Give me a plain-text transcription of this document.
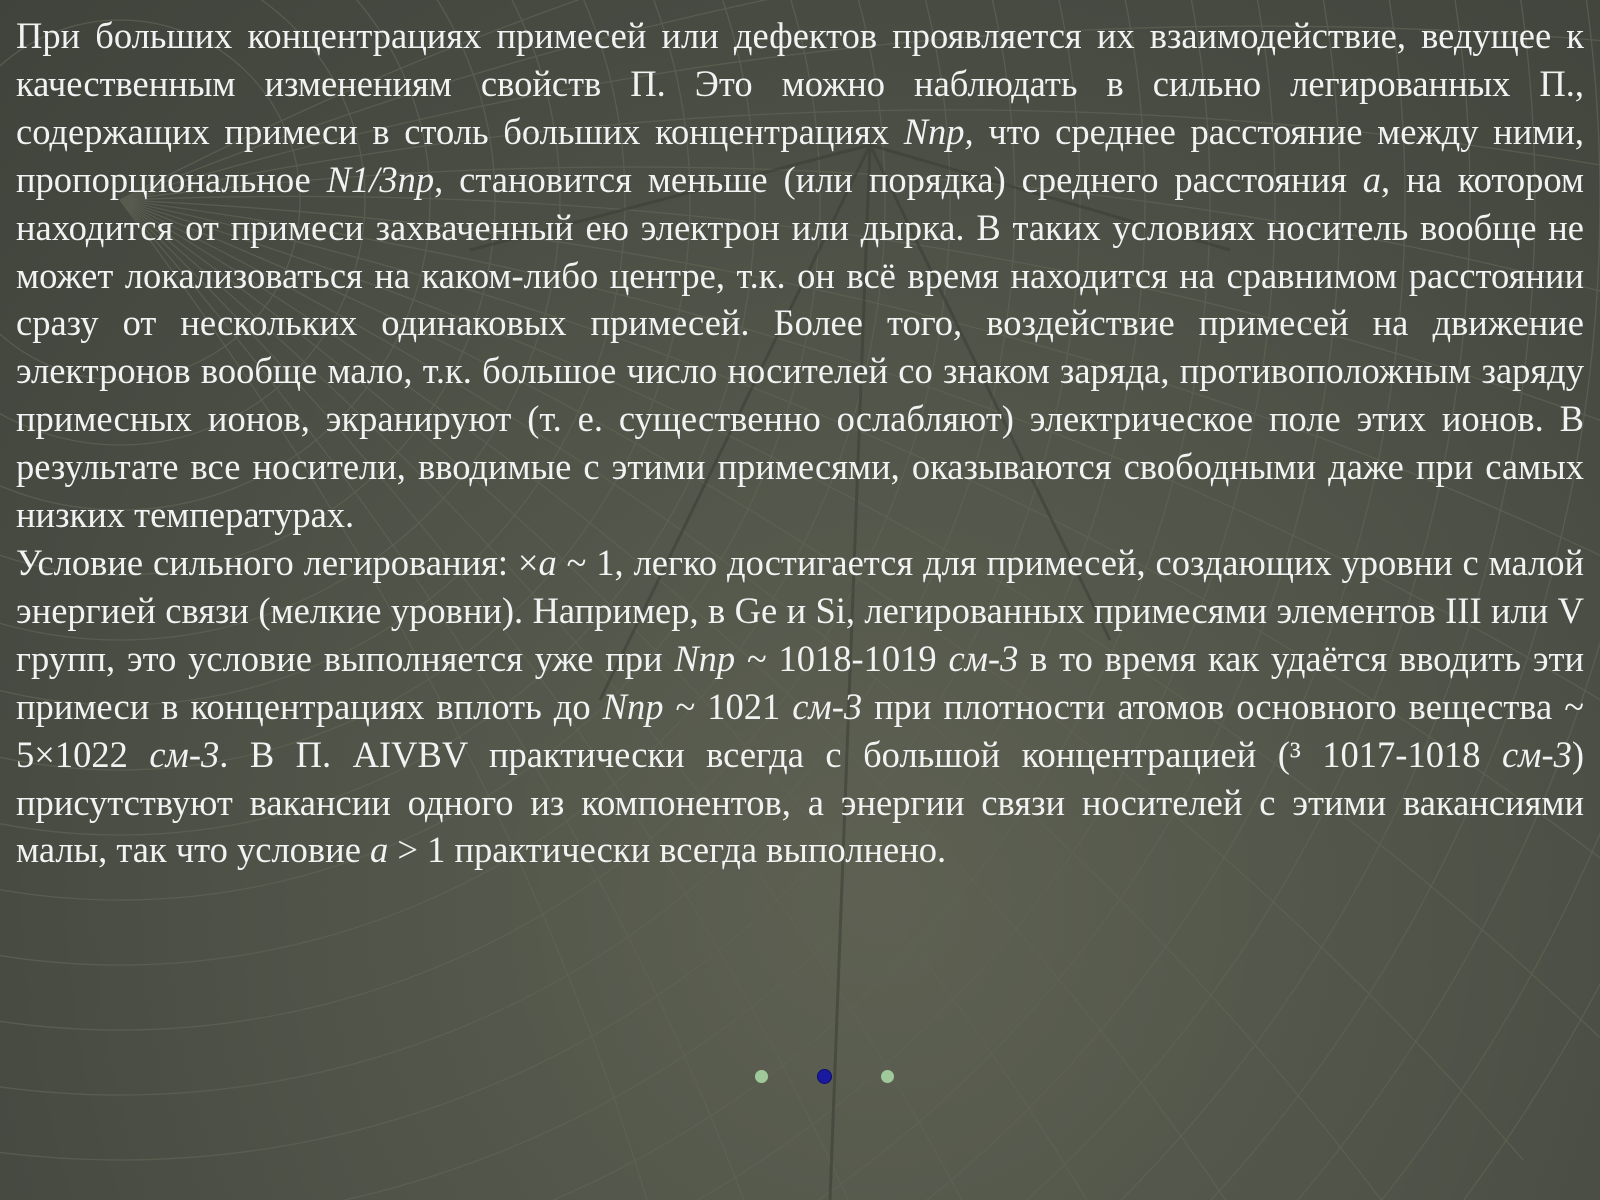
При больших концентрациях примесей или дефектов проявляется их взаимодействие, ведущее к качественным изменениям свойств П. Это можно наблюдать в сильно легированных П., содержащих примеси в столь больших концентрациях Nпр, что среднее расстояние между ними, пропорциональное N1/3пр, становится меньше (или порядка) среднего расстояния а, на котором находится от примеси захваченный ею электрон или дырка. В таких условиях носитель вообще не может локализоваться на каком-либо центре, т.к. он всё время находится на сравнимом расстоянии сразу от нескольких одинаковых примесей. Более того, воздействие примесей на движение электронов вообще мало, т.к. большое число носителей со знаком заряда, противоположным заряду примесных ионов, экранируют (т. е. существенно ослабляют) электрическое поле этих ионов. В результате все носители, вводимые с этими примесями, оказываются свободными даже при самых низких температурах.

Условие сильного легирования: ×а ~ 1, легко достигается для примесей, создающих уровни с малой энергией связи (мелкие уровни). Например, в Ge и Si, легированных примесями элементов III или V групп, это условие выполняется уже при Nпр ~ 1018-1019 см-3 в то время как удаётся вводить эти примеси в концентрациях вплоть до Nпр ~ 1021 см-3 при плотности атомов основного вещества ~ 5×1022 см-3. В П. AIVBV практически всегда с большой концентрацией (³ 1017-1018 см-3) присутствуют вакансии одного из компонентов, а энергии связи носителей с этими вакансиями малы, так что условие а > 1 практически всегда выполнено.
